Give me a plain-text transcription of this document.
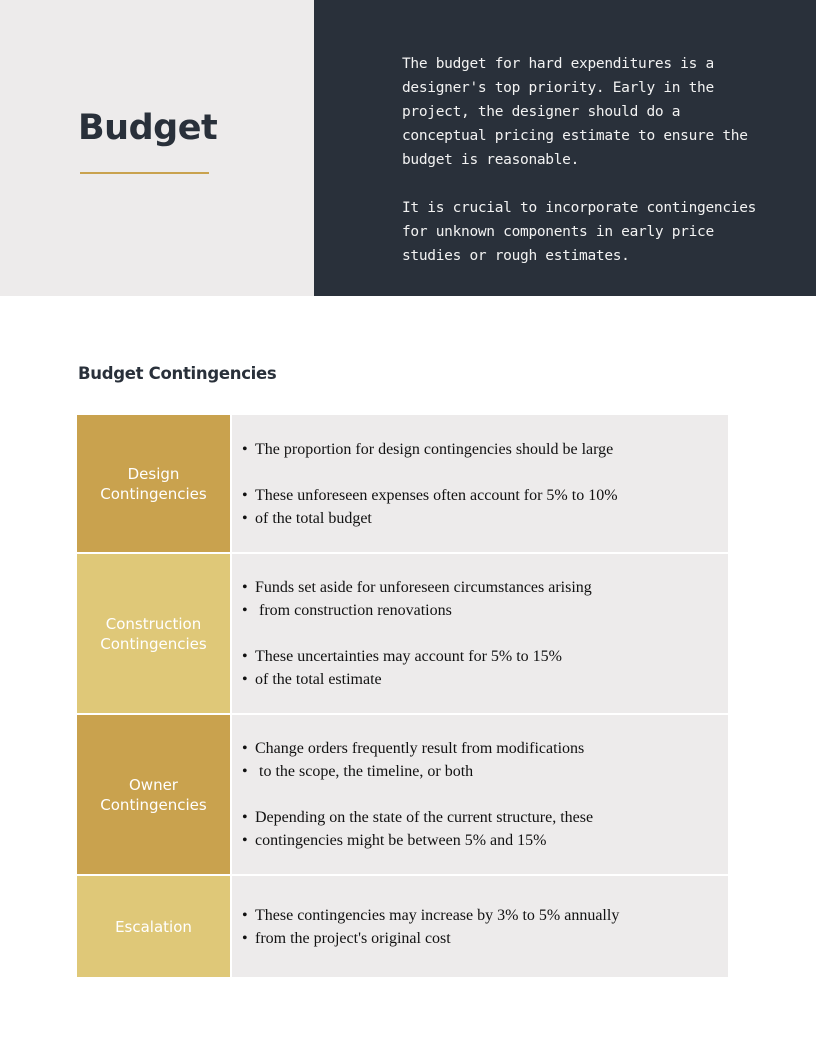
Budget

The budget for hard expenditures is a designer's top priority. Early in the project, the designer should do a conceptual pricing estimate to ensure the budget is reasonable.

It is crucial to incorporate contingencies for unknown components in early price studies or rough estimates.

Budget Contingencies
Design Contingencies
• The proportion for design contingencies should be large
• These unforeseen expenses often account for 5% to 10%
• of the total budget
Construction Contingencies
• Funds set aside for unforeseen circumstances arising
•  from construction renovations
• These uncertainties may account for 5% to 15%
• of the total estimate
Owner Contingencies
• Change orders frequently result from modifications
•  to the scope, the timeline, or both
• Depending on the state of the current structure, these
• contingencies might be between 5% and 15%
Escalation
• These contingencies may increase by 3% to 5% annually
• from the project's original cost
